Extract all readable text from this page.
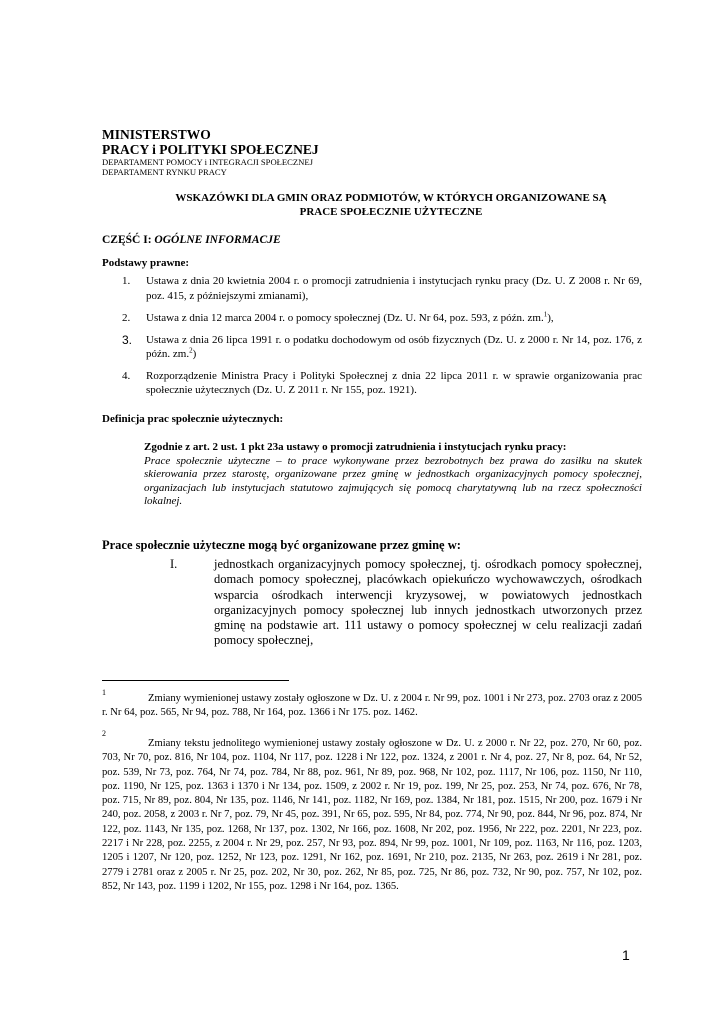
MINISTERSTWO
PRACY i POLITYKI SPOŁECZNEJ
DEPARTAMENT POMOCY i INTEGRACJI SPOŁECZNEJ
DEPARTAMENT RYNKU PRACY
WSKAZÓWKI DLA GMIN ORAZ PODMIOTÓW, W KTÓRYCH ORGANIZOWANE SĄ
PRACE SPOŁECZNIE UŻYTECZNE
CZĘŚĆ I: OGÓLNE INFORMACJE
Podstawy prawne:
1. Ustawa z dnia 20 kwietnia 2004 r. o promocji zatrudnienia i instytucjach rynku pracy (Dz. U. Z 2008 r. Nr 69, poz. 415, z późniejszymi zmianami),
2. Ustawa z dnia 12 marca 2004 r. o pomocy społecznej (Dz. U. Nr 64, poz. 593, z późn. zm.$^1$),
3. Ustawa z dnia 26 lipca 1991 r. o podatku dochodowym od osób fizycznych (Dz. U. z 2000 r. Nr 14, poz. 176, z późn. zm.$^2$)
4. Rozporządzenie Ministra Pracy i Polityki Społecznej z dnia 22 lipca 2011 r. w sprawie organizowania prac społecznie użytecznych (Dz. U. Z 2011 r. Nr 155, poz. 1921).
Definicja prac społecznie użytecznych:
Zgodnie z art. 2 ust. 1 pkt 23a ustawy o promocji zatrudnienia i instytucjach rynku pracy:
Prace społecznie użyteczne – to prace wykonywane przez bezrobotnych bez prawa do zasiłku na skutek skierowania przez starostę, organizowane przez gminę w jednostkach organizacyjnych pomocy społecznej, organizacjach lub instytucjach statutowo zajmujących się pomocą charytatywną lub na rzecz społeczności lokalnej.
Prace społecznie użyteczne mogą być organizowane przez gminę w:
I.	jednostkach organizacyjnych pomocy społecznej, tj. ośrodkach pomocy społecznej, domach pomocy społecznej, placówkach opiekuńczo wychowawczych, ośrodkach wsparcia ośrodkach interwencji kryzysowej, w powiatowych jednostkach organizacyjnych pomocy społecznej lub innych jednostkach utworzonych przez gminę na podstawie art. 111 ustawy o pomocy społecznej w celu realizacji zadań pomocy społecznej,
1
Zmiany wymienionej ustawy zostały ogłoszone w Dz. U. z 2004 r. Nr 99, poz. 1001 i Nr 273, poz. 2703 oraz z 2005 r. Nr 64, poz. 565, Nr 94, poz. 788, Nr 164, poz. 1366 i Nr 175. poz. 1462.
2
Zmiany tekstu jednolitego wymienionej ustawy zostały ogłoszone w Dz. U. z 2000 r. Nr 22, poz. 270, Nr 60, poz. 703, Nr 70, poz. 816, Nr 104, poz. 1104, Nr 117, poz. 1228 i Nr 122, poz. 1324, z 2001 r. Nr 4, poz. 27, Nr 8, poz. 64, Nr 52, poz. 539, Nr 73, poz. 764, Nr 74, poz. 784, Nr 88, poz. 961, Nr 89, poz. 968, Nr 102, poz. 1117, Nr 106, poz. 1150, Nr 110, poz. 1190, Nr 125, poz. 1363 i 1370 i Nr 134, poz. 1509, z 2002 r. Nr 19, poz. 199, Nr 25, poz. 253, Nr 74, poz. 676, Nr 78, poz. 715, Nr 89, poz. 804, Nr 135, poz. 1146, Nr 141, poz. 1182, Nr 169, poz. 1384, Nr 181, poz. 1515, Nr 200, poz. 1679 i Nr 240, poz. 2058, z 2003 r. Nr 7, poz. 79, Nr 45, poz. 391, Nr 65, poz. 595, Nr 84, poz. 774, Nr 90, poz. 844, Nr 96, poz. 874, Nr 122, poz. 1143, Nr 135, poz. 1268, Nr 137, poz. 1302, Nr 166, poz. 1608, Nr 202, poz. 1956, Nr 222, poz. 2201, Nr 223, poz. 2217 i Nr 228, poz. 2255, z 2004 r. Nr 29, poz. 257, Nr 93, poz. 894, Nr 99, poz. 1001, Nr 109, poz. 1163, Nr 116, poz. 1203, 1205 i 1207, Nr 120, poz. 1252, Nr 123, poz. 1291, Nr 162, poz. 1691, Nr 210, poz. 2135, Nr 263, poz. 2619 i Nr 281, poz. 2779 i 2781 oraz z 2005 r. Nr 25, poz. 202, Nr 30, poz. 262, Nr 85, poz. 725, Nr 86, poz. 732, Nr 90, poz. 757, Nr 102, poz. 852, Nr 143, poz. 1199 i 1202, Nr 155, poz. 1298 i Nr 164, poz. 1365.
1
